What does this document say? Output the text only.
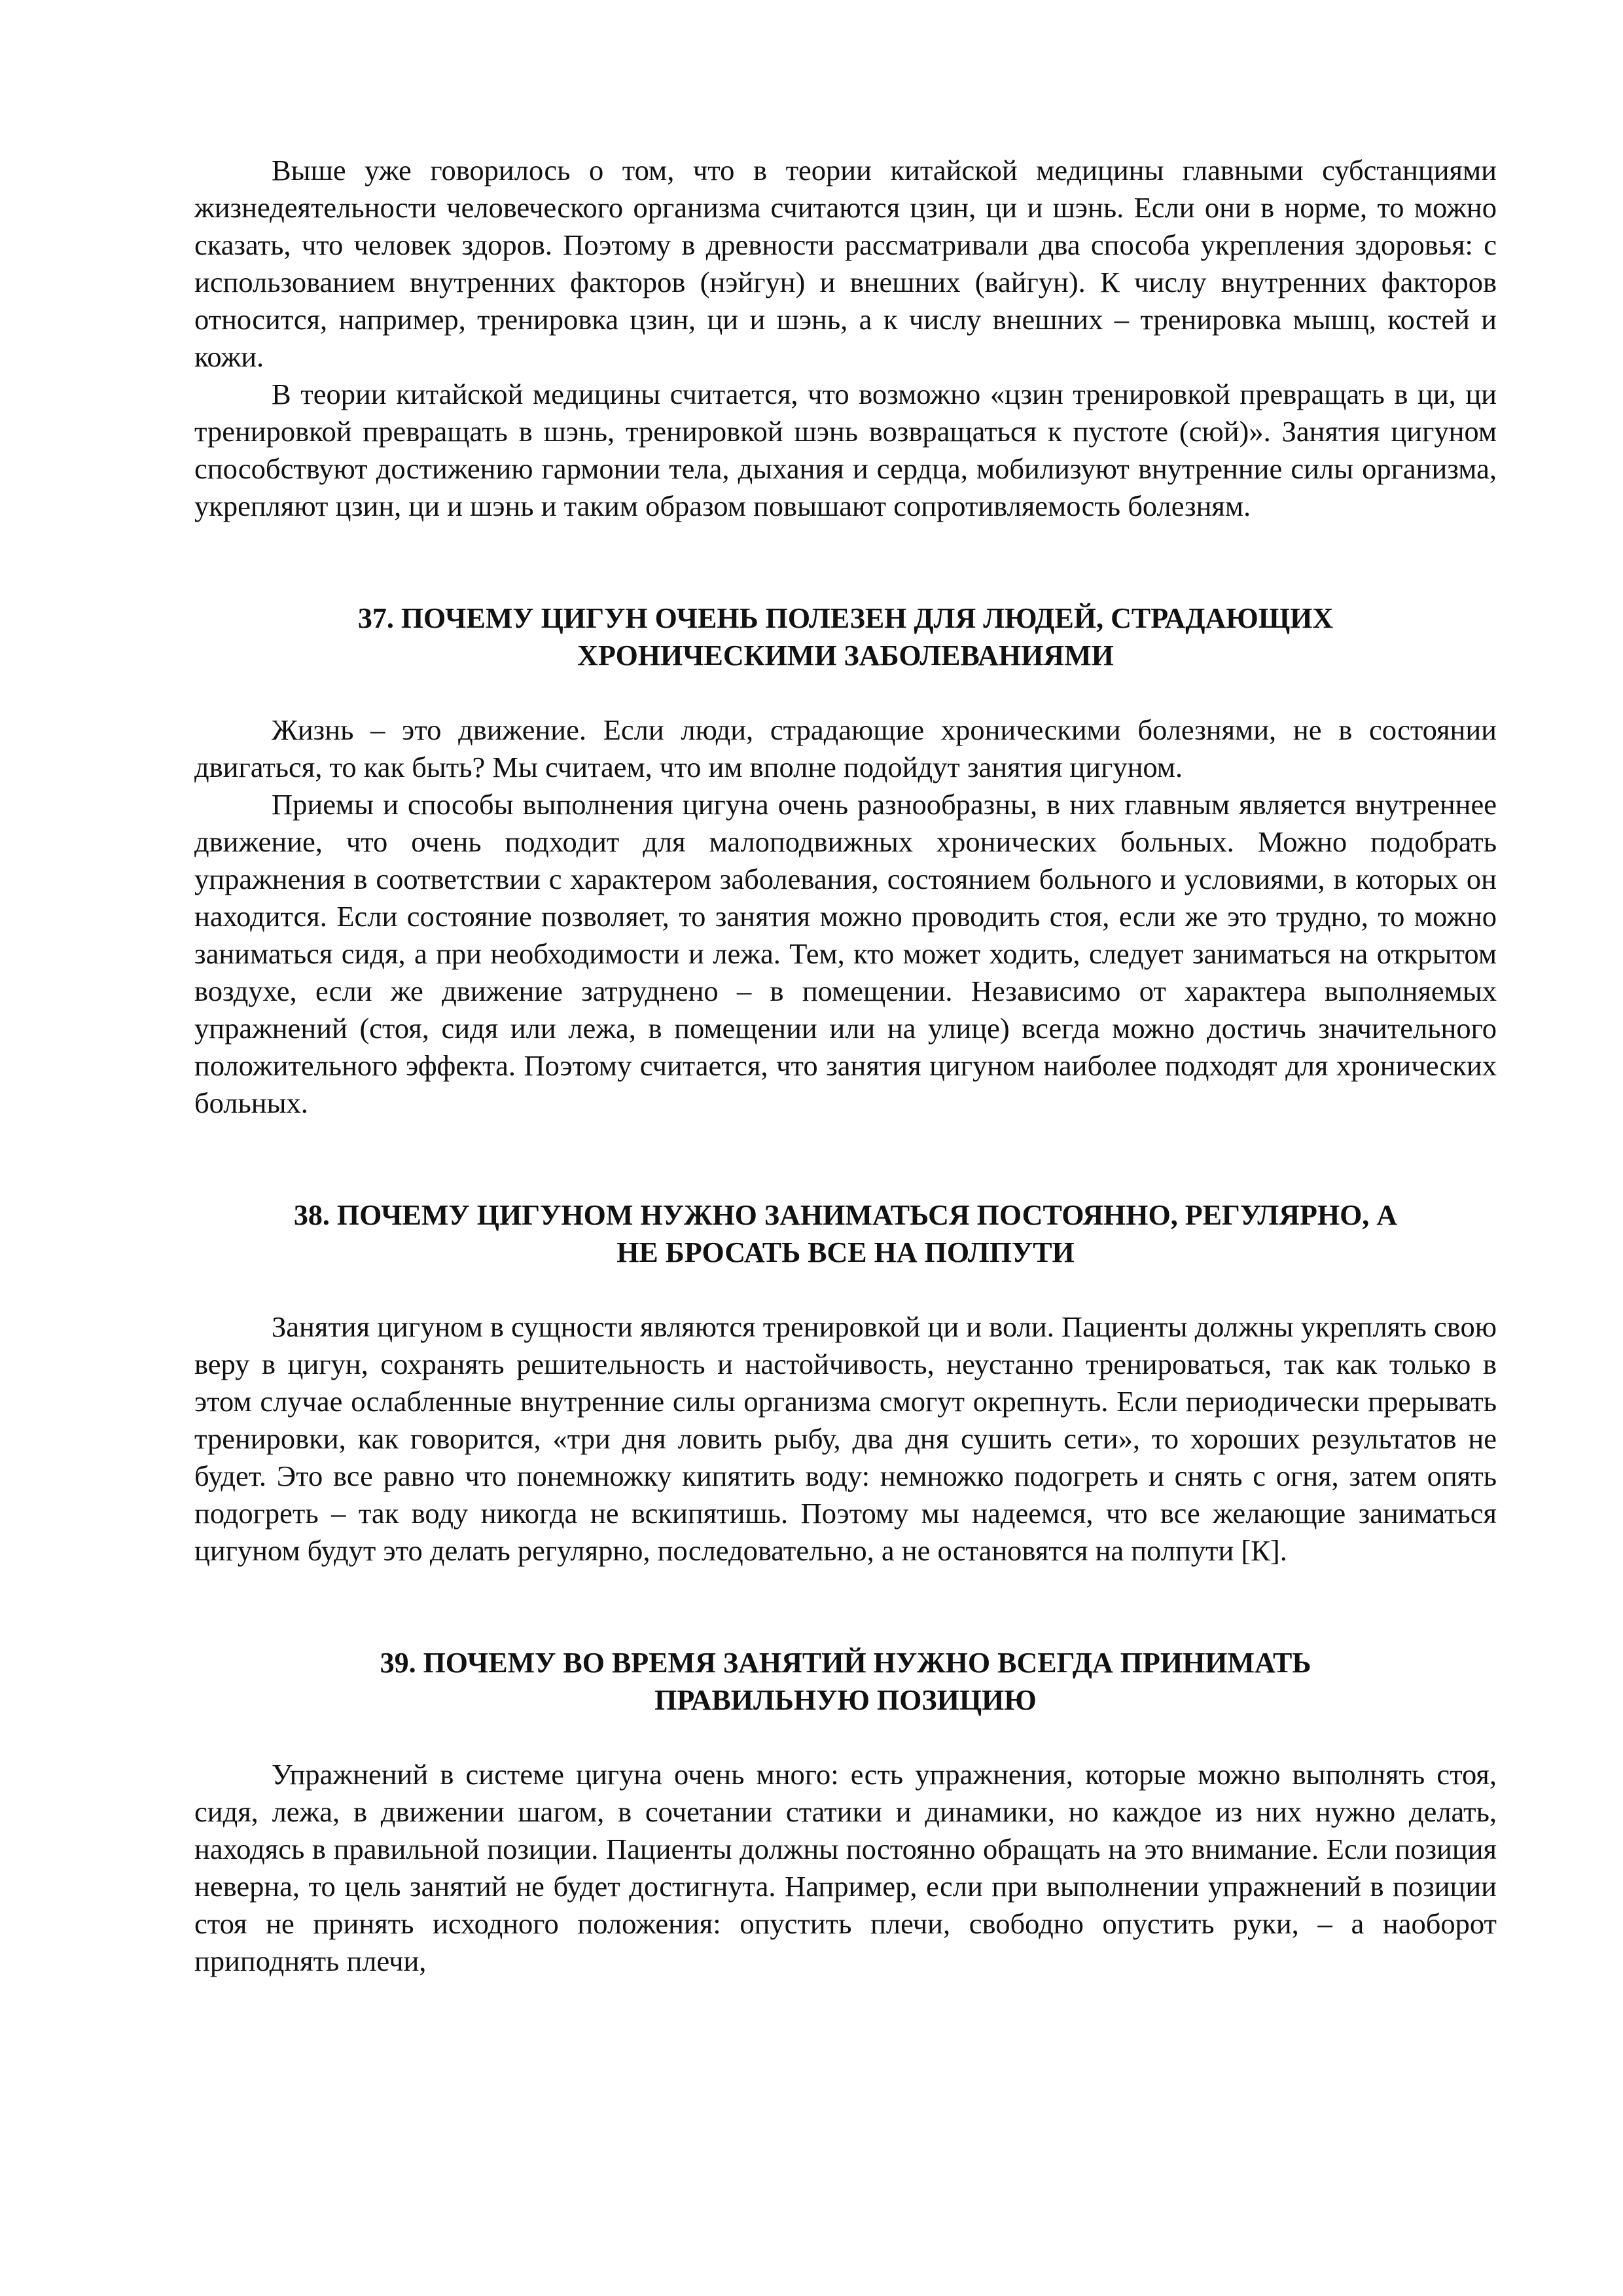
Выше уже говорилось о том, что в теории китайской медицины главными субстанциями жизнедеятельности человеческого организма считаются цзин, ци и шэнь. Если они в норме, то можно сказать, что человек здоров. Поэтому в древности рассматривали два способа укрепления здоровья: с использованием внутренних факторов (нэйгун) и внешних (вайгун). К числу внутренних факторов относится, например, тренировка цзин, ци и шэнь, а к числу внешних – тренировка мышц, костей и кожи.

В теории китайской медицины считается, что возможно «цзин тренировкой превращать в ци, ци тренировкой превращать в шэнь, тренировкой шэнь возвращаться к пустоте (сюй)». Занятия цигуном способствуют достижению гармонии тела, дыхания и сердца, мобилизуют внутренние силы организма, укрепляют цзин, ци и шэнь и таким образом повышают сопротивляемость болезням.

37. ПОЧЕМУ ЦИГУН ОЧЕНЬ ПОЛЕЗЕН ДЛЯ ЛЮДЕЙ, СТРАДАЮЩИХ
ХРОНИЧЕСКИМИ ЗАБОЛЕВАНИЯМИ

Жизнь – это движение. Если люди, страдающие хроническими болезнями, не в состоянии двигаться, то как быть? Мы считаем, что им вполне подойдут занятия цигуном.

Приемы и способы выполнения цигуна очень разнообразны, в них главным является внутреннее движение, что очень подходит для малоподвижных хронических больных. Можно подобрать упражнения в соответствии с характером заболевания, состоянием больного и условиями, в которых он находится. Если состояние позволяет, то занятия можно проводить стоя, если же это трудно, то можно заниматься сидя, а при необходимости и лежа. Тем, кто может ходить, следует заниматься на открытом воздухе, если же движение затруднено – в помещении. Независимо от характера выполняемых упражнений (стоя, сидя или лежа, в помещении или на улице) всегда можно достичь значительного положительного эффекта. Поэтому считается, что занятия цигуном наиболее подходят для хронических больных.

38. ПОЧЕМУ ЦИГУНОМ НУЖНО ЗАНИМАТЬСЯ ПОСТОЯННО, РЕГУЛЯРНО, А
НЕ БРОСАТЬ ВСЕ НА ПОЛПУТИ

Занятия цигуном в сущности являются тренировкой ци и воли. Пациенты должны укреплять свою веру в цигун, сохранять решительность и настойчивость, неустанно тренироваться, так как только в этом случае ослабленные внутренние силы организма смогут окрепнуть. Если периодически прерывать тренировки, как говорится, «три дня ловить рыбу, два дня сушить сети», то хороших результатов не будет. Это все равно что понемножку кипятить воду: немножко подогреть и снять с огня, затем опять подогреть – так воду никогда не вскипятишь. Поэтому мы надеемся, что все желающие заниматься цигуном будут это делать регулярно, последовательно, а не остановятся на полпути [К].

39. ПОЧЕМУ ВО ВРЕМЯ ЗАНЯТИЙ НУЖНО ВСЕГДА ПРИНИМАТЬ
ПРАВИЛЬНУЮ ПОЗИЦИЮ

Упражнений в системе цигуна очень много: есть упражнения, которые можно выполнять стоя, сидя, лежа, в движении шагом, в сочетании статики и динамики, но каждое из них нужно делать, находясь в правильной позиции. Пациенты должны постоянно обращать на это внимание. Если позиция неверна, то цель занятий не будет достигнута. Например, если при выполнении упражнений в позиции стоя не принять исходного положения: опустить плечи, свободно опустить руки, – а наоборот приподнять плечи,
